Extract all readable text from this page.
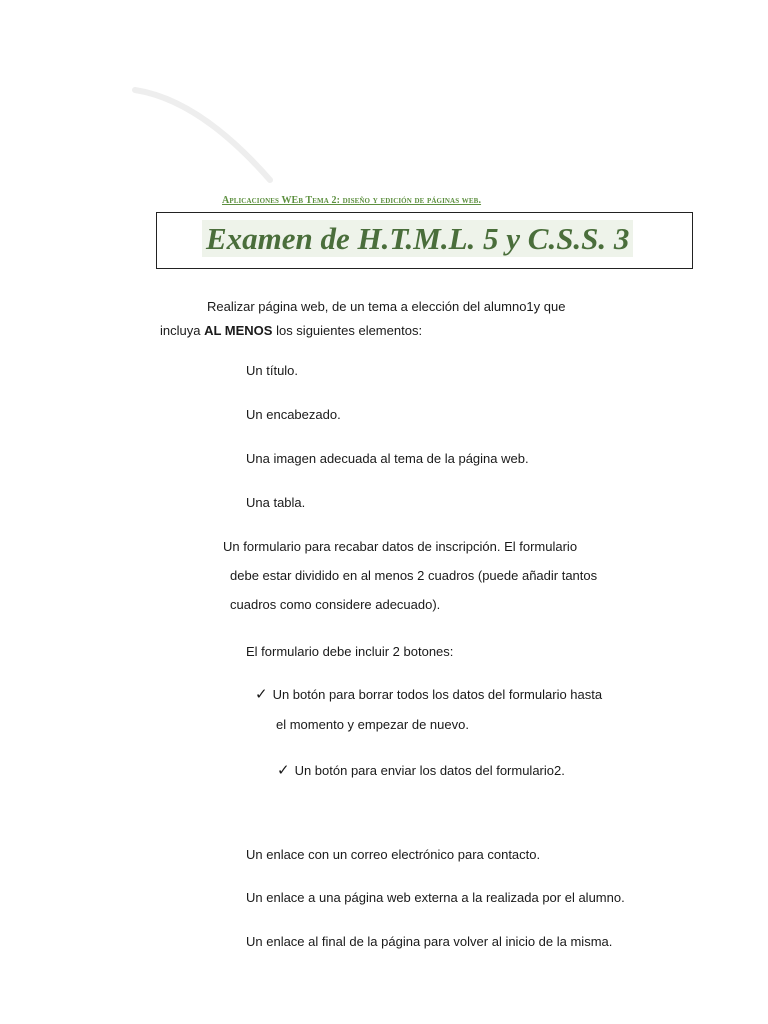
Aplicaciones WEb Tema 2: diseño y edición de páginas web.
Examen de H.T.M.L. 5 y C.S.S. 3
Realizar página web, de un tema a elección del alumno1y que
incluya AL MENOS los siguientes elementos:
Un título.
Un encabezado.
Una imagen adecuada al tema de la página web.
Una tabla.
Un formulario para recabar datos de inscripción. El formulario
debe estar dividido en al menos 2 cuadros (puede añadir tantos
cuadros como considere adecuado).
El formulario debe incluir 2 botones:
✓ Un botón para borrar todos los datos del formulario hasta
el momento y empezar de nuevo.
✓ Un botón para enviar los datos del formulario2.
Un enlace con un correo electrónico para contacto.
Un enlace a una página web externa a la realizada por el alumno.
Un enlace al final de la página para volver al inicio de la misma.
